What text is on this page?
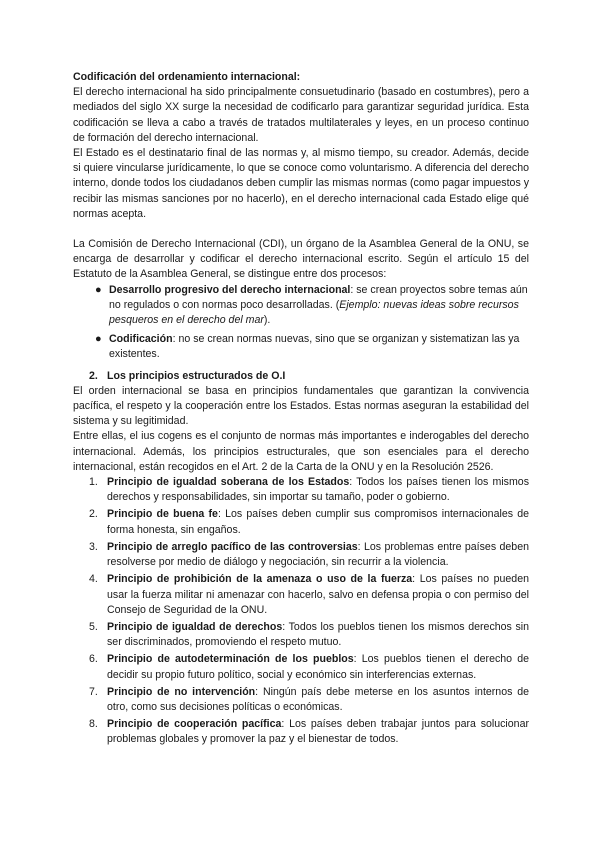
Codificación del ordenamiento internacional:

El derecho internacional ha sido principalmente consuetudinario (basado en costumbres), pero a mediados del siglo XX surge la necesidad de codificarlo para garantizar seguridad jurídica. Esta codificación se lleva a cabo a través de tratados multilaterales y leyes, en un proceso continuo de formación del derecho internacional.

El Estado es el destinatario final de las normas y, al mismo tiempo, su creador. Además, decide si quiere vincularse jurídicamente, lo que se conoce como voluntarismo. A diferencia del derecho interno, donde todos los ciudadanos deben cumplir las mismas normas (como pagar impuestos y recibir las mismas sanciones por no hacerlo), en el derecho internacional cada Estado elige qué normas acepta.

La Comisión de Derecho Internacional (CDI), un órgano de la Asamblea General de la ONU, se encarga de desarrollar y codificar el derecho internacional escrito. Según el artículo 15 del Estatuto de la Asamblea General, se distingue entre dos procesos:

● Desarrollo progresivo del derecho internacional: se crean proyectos sobre temas aún no regulados o con normas poco desarrolladas. (Ejemplo: nuevas ideas sobre recursos pesqueros en el derecho del mar).
● Codificación: no se crean normas nuevas, sino que se organizan y sistematizan las ya existentes.

2. Los principios estructurados de O.I

El orden internacional se basa en principios fundamentales que garantizan la convivencia pacífica, el respeto y la cooperación entre los Estados. Estas normas aseguran la estabilidad del sistema y su legitimidad.

Entre ellas, el ius cogens es el conjunto de normas más importantes e inderogables del derecho internacional. Además, los principios estructurales, que son esenciales para el derecho internacional, están recogidos en el Art. 2 de la Carta de la ONU y en la Resolución 2526.

1. Principio de igualdad soberana de los Estados: Todos los países tienen los mismos derechos y responsabilidades, sin importar su tamaño, poder o gobierno.
2. Principio de buena fe: Los países deben cumplir sus compromisos internacionales de forma honesta, sin engaños.
3. Principio de arreglo pacífico de las controversias: Los problemas entre países deben resolverse por medio de diálogo y negociación, sin recurrir a la violencia.
4. Principio de prohibición de la amenaza o uso de la fuerza: Los países no pueden usar la fuerza militar ni amenazar con hacerlo, salvo en defensa propia o con permiso del Consejo de Seguridad de la ONU.
5. Principio de igualdad de derechos: Todos los pueblos tienen los mismos derechos sin ser discriminados, promoviendo el respeto mutuo.
6. Principio de autodeterminación de los pueblos: Los pueblos tienen el derecho de decidir su propio futuro político, social y económico sin interferencias externas.
7. Principio de no intervención: Ningún país debe meterse en los asuntos internos de otro, como sus decisiones políticas o económicas.
8. Principio de cooperación pacífica: Los países deben trabajar juntos para solucionar problemas globales y promover la paz y el bienestar de todos.
